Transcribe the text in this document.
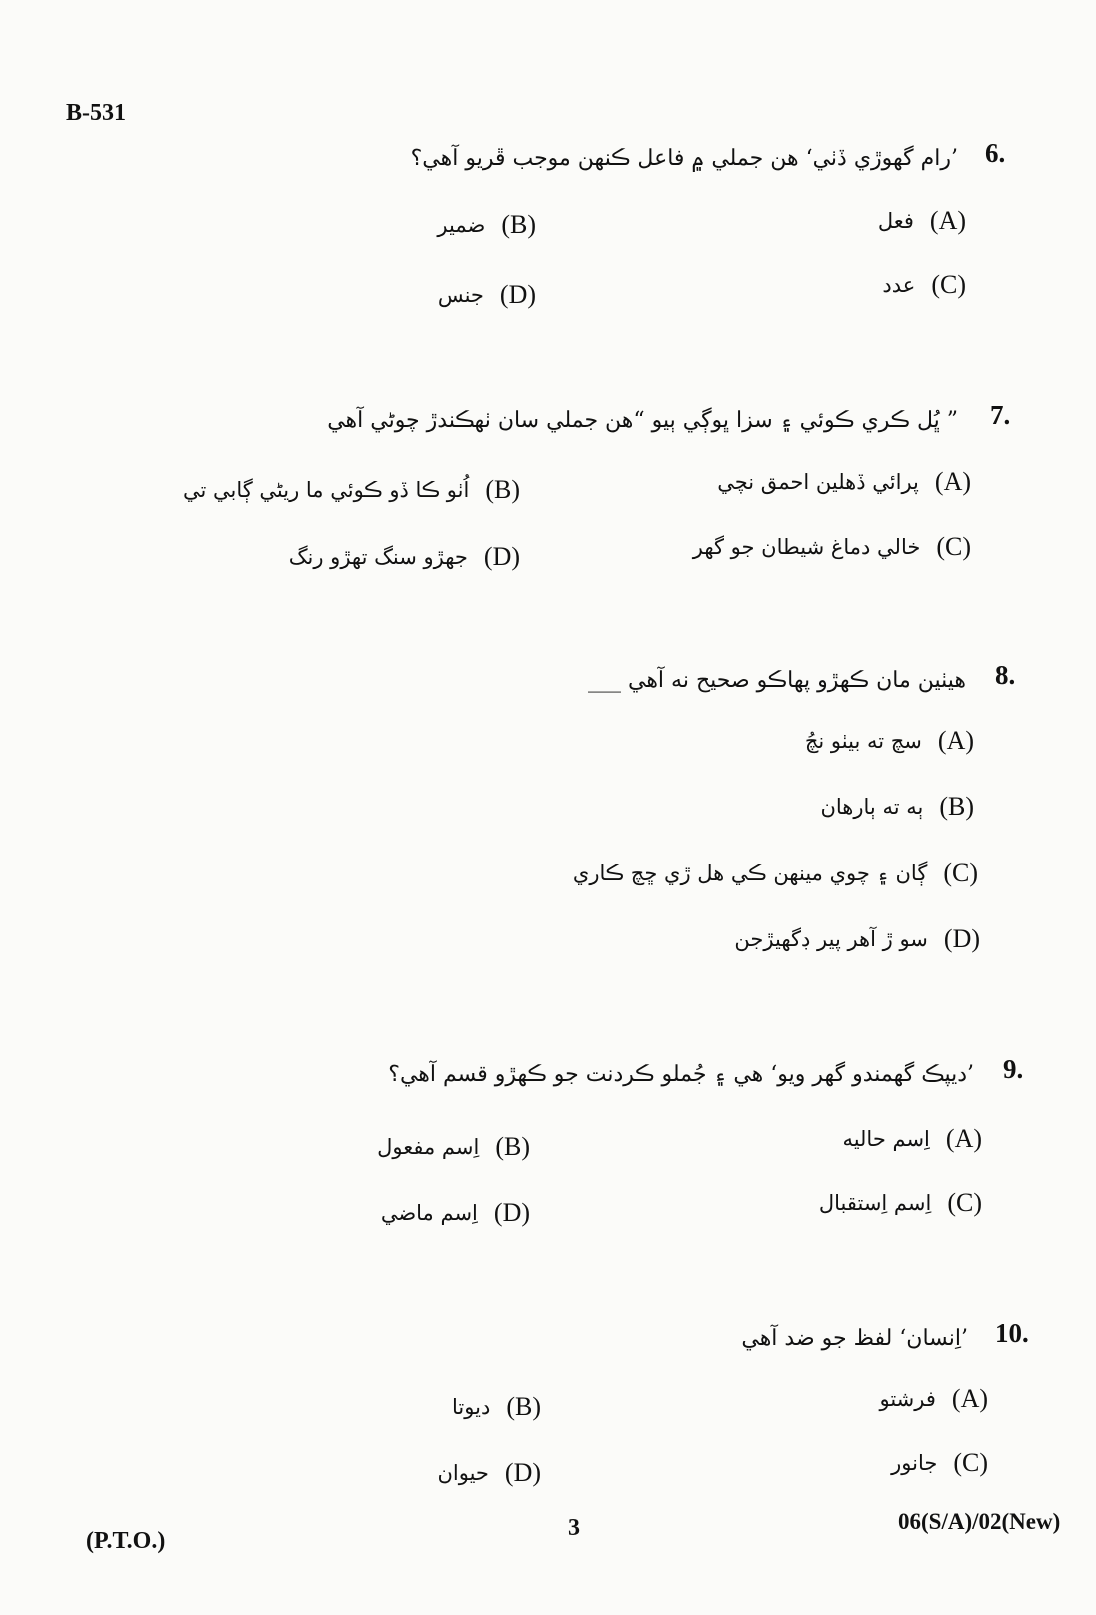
B-531
6.
’رام گهوڙي ڏٺي‘ هن جملي ۾ فاعل ڪنهن موجب ڦريو آهي؟
(A)
فعل
(B)
ضمير
(C)
عدد
(D)
جنس
7.
” ڀُل ڪري ڪوئي ۽ سزا ڀوڳي ٻيو “هن جملي سان ٺهڪندڙ چوڻي آهي
(A)
پرائي ڏهلين احمق نچي
(B)
اُٺو ڪا ڏو ڪوئي ما ريڻي ڳابي تي
(C)
خالي دماغ شيطان جو گهر
(D)
جهڙو سنگ تهڙو رنگ
8.
هيٺين مان ڪهڙو پهاڪو صحيح نه آهي ___
(A)
سچ ته بيٺو نچُ
(B)
ٻه ته ٻارهان
(C)
ڳان ۽ چوي مينهن ڪي هل ڙي ڇچ ڪاري
(D)
سو ڙ آهر پير ڊگهيڙجن
9.
’ديپڪ گهمندو گهر ويو‘ هي ۽ جُملو ڪردنت جو ڪهڙو قسم آهي؟
(A)
اِسم حاليه
(B)
اِسم مفعول
(C)
اِسم اِستقبال
(D)
اِسم ماضي
10.
’اِنسان‘ لفظ جو ضد آهي
(A)
فرشتو
(B)
ديوتا
(C)
جانور
(D)
حيوان
(P.T.O.)	3	06(S/A)/02(New)
